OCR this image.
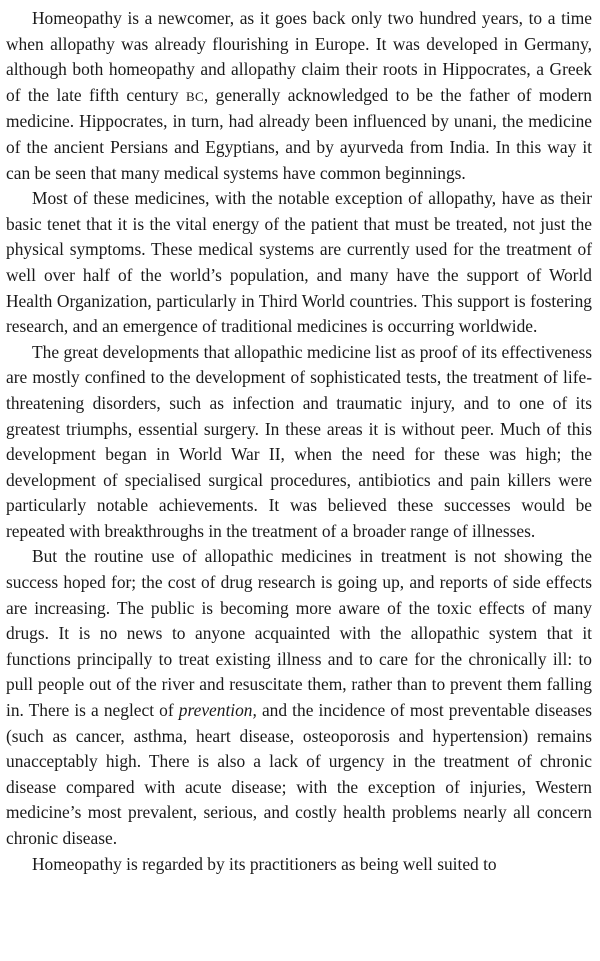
Homeopathy is a newcomer, as it goes back only two hundred years, to a time when allopathy was already flourishing in Europe. It was developed in Germany, although both homeopathy and allopathy claim their roots in Hippocrates, a Greek of the late fifth century BC, generally acknowledged to be the father of modern medicine. Hippocrates, in turn, had already been influenced by unani, the medicine of the ancient Persians and Egyptians, and by ayurveda from India. In this way it can be seen that many medical systems have common beginnings.

Most of these medicines, with the notable exception of allopathy, have as their basic tenet that it is the vital energy of the patient that must be treated, not just the physical symptoms. These medical systems are currently used for the treatment of well over half of the world’s population, and many have the support of World Health Organization, particularly in Third World countries. This support is fostering research, and an emergence of traditional medicines is occurring worldwide.

The great developments that allopathic medicine list as proof of its effectiveness are mostly confined to the development of sophisticated tests, the treatment of life-threatening disorders, such as infection and traumatic injury, and to one of its greatest triumphs, essential surgery. In these areas it is without peer. Much of this development began in World War II, when the need for these was high; the development of specialised surgical procedures, antibiotics and pain killers were particularly notable achievements. It was believed these successes would be repeated with breakthroughs in the treatment of a broader range of illnesses.

But the routine use of allopathic medicines in treatment is not showing the success hoped for; the cost of drug research is going up, and reports of side effects are increasing. The public is becoming more aware of the toxic effects of many drugs. It is no news to anyone acquainted with the allopathic system that it functions principally to treat existing illness and to care for the chronically ill: to pull people out of the river and resuscitate them, rather than to prevent them falling in. There is a neglect of prevention, and the incidence of most preventable diseases (such as cancer, asthma, heart disease, osteoporosis and hypertension) remains unacceptably high. There is also a lack of urgency in the treatment of chronic disease compared with acute disease; with the exception of injuries, Western medicine’s most prevalent, serious, and costly health problems nearly all concern chronic disease.

Homeopathy is regarded by its practitioners as being well suited to
